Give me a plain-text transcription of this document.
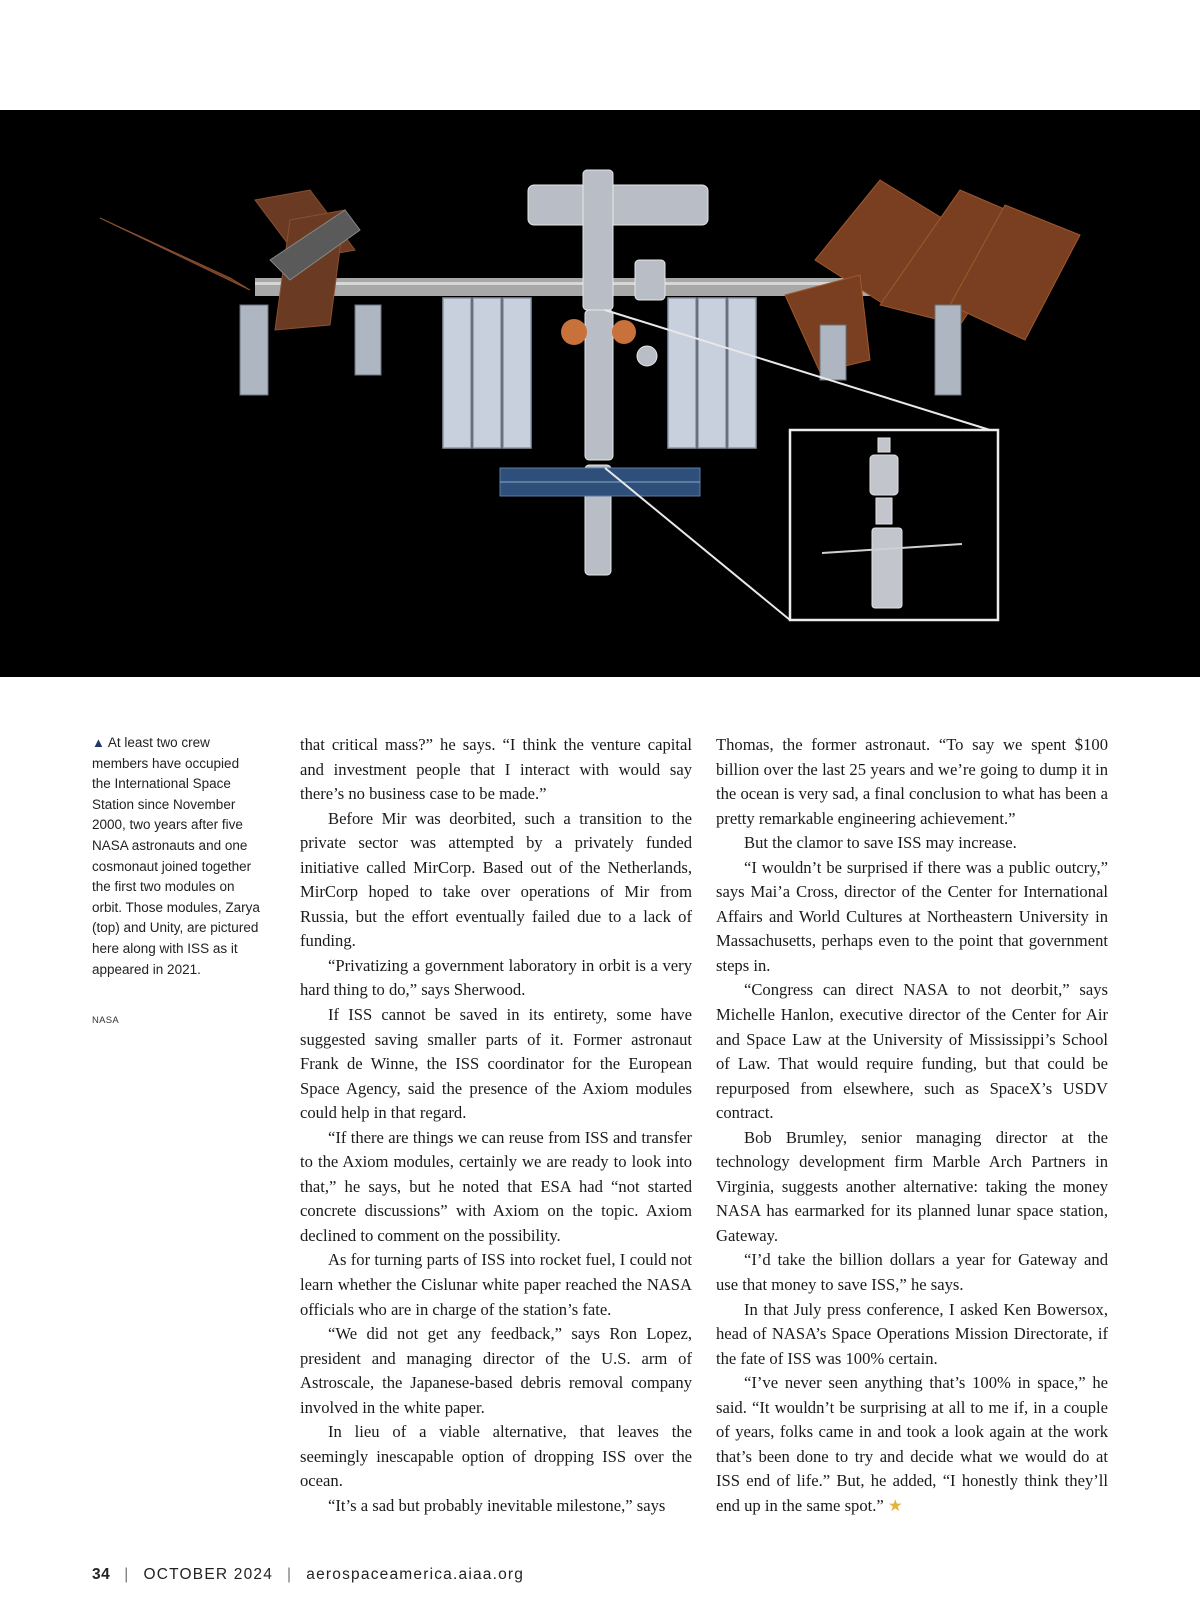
▲ At least two crew members have occupied the International Space Station since November 2000, two years after five NASA astronauts and one cosmonaut joined together the first two modules on orbit. Those modules, Zarya (top) and Unity, are pictured here along with ISS as it appeared in 2021.
NASA

that critical mass?” he says. “I think the venture capital and investment people that I interact with would say there’s no business case to be made.”

Before Mir was deorbited, such a transition to the private sector was attempted by a privately funded initiative called MirCorp. Based out of the Netherlands, MirCorp hoped to take over operations of Mir from Russia, but the effort eventually failed due to a lack of funding.

“Privatizing a government laboratory in orbit is a very hard thing to do,” says Sherwood.

If ISS cannot be saved in its entirety, some have suggested saving smaller parts of it. Former astronaut Frank de Winne, the ISS coordinator for the European Space Agency, said the presence of the Axiom modules could help in that regard.

“If there are things we can reuse from ISS and transfer to the Axiom modules, certainly we are ready to look into that,” he says, but he noted that ESA had “not started concrete discussions” with Axiom on the topic. Axiom declined to comment on the possibility.

As for turning parts of ISS into rocket fuel, I could not learn whether the Cislunar white paper reached the NASA officials who are in charge of the station’s fate.

“We did not get any feedback,” says Ron Lopez, president and managing director of the U.S. arm of Astroscale, the Japanese-based debris removal company involved in the white paper.

In lieu of a viable alternative, that leaves the seemingly inescapable option of dropping ISS over the ocean.

“It’s a sad but probably inevitable milestone,” says

Thomas, the former astronaut. “To say we spent $100 billion over the last 25 years and we’re going to dump it in the ocean is very sad, a final conclusion to what has been a pretty remarkable engineering achievement.”

But the clamor to save ISS may increase.

“I wouldn’t be surprised if there was a public outcry,” says Mai’a Cross, director of the Center for International Affairs and World Cultures at Northeastern University in Massachusetts, perhaps even to the point that government steps in.

“Congress can direct NASA to not deorbit,” says Michelle Hanlon, executive director of the Center for Air and Space Law at the University of Mississippi’s School of Law. That would require funding, but that could be repurposed from elsewhere, such as SpaceX’s USDV contract.

Bob Brumley, senior managing director at the technology development firm Marble Arch Partners in Virginia, suggests another alternative: taking the money NASA has earmarked for its planned lunar space station, Gateway.

“I’d take the billion dollars a year for Gateway and use that money to save ISS,” he says.

In that July press conference, I asked Ken Bowersox, head of NASA’s Space Operations Mission Directorate, if the fate of ISS was 100% certain.

“I’ve never seen anything that’s 100% in space,” he said. “It wouldn’t be surprising at all to me if, in a couple of years, folks came in and took a look again at the work that’s been done to try and decide what we would do at ISS end of life.” But, he added, “I honestly think they’ll end up in the same spot.” ★

34 | OCTOBER 2024 | aerospaceamerica.aiaa.org
